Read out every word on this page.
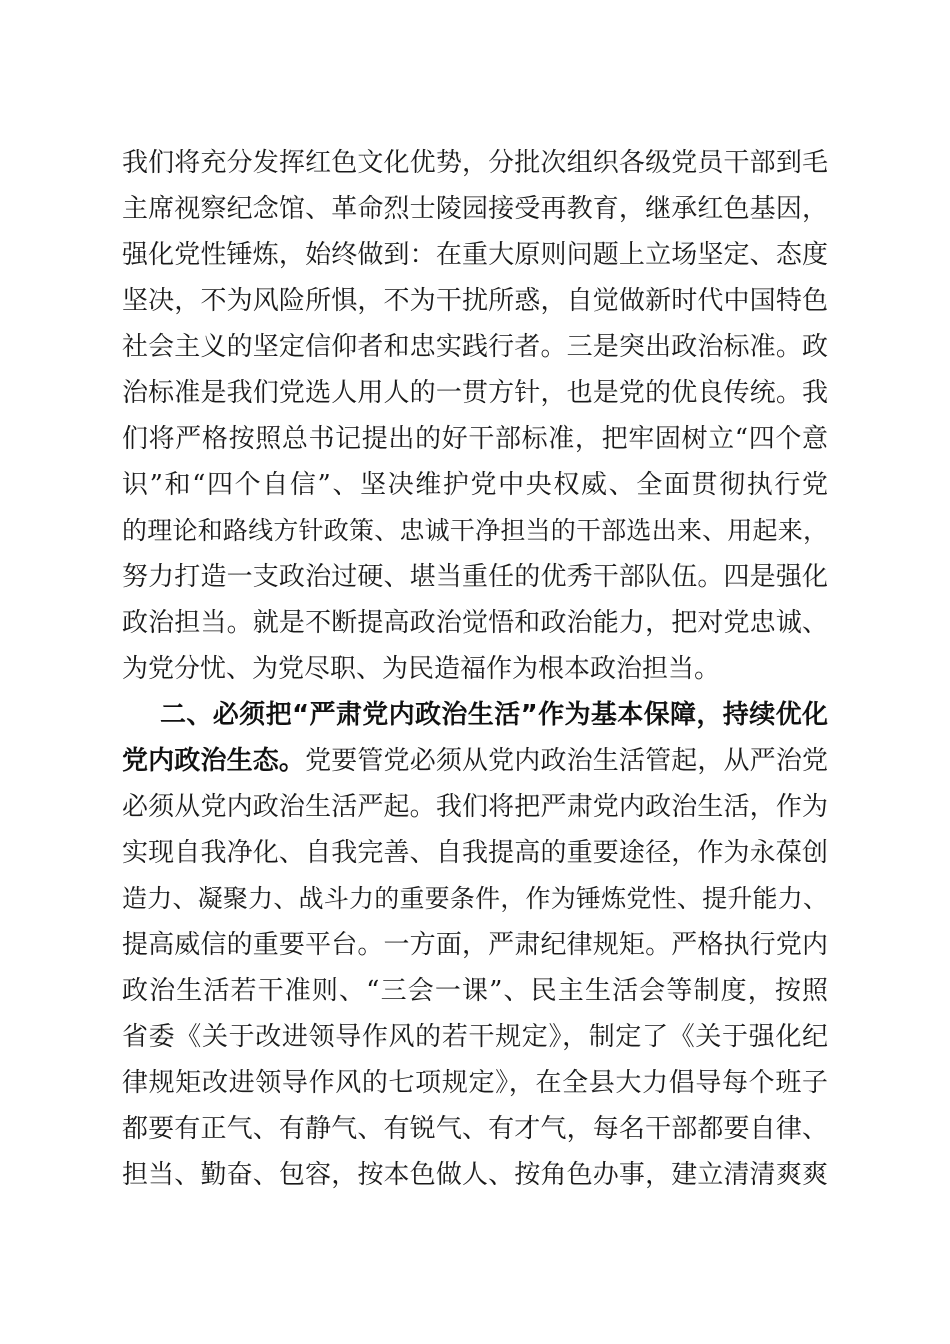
我们将充分发挥红色文化优势，分批次组织各级党员干部到毛
主席视察纪念馆、革命烈士陵园接受再教育，继承红色基因，
强化党性锤炼，始终做到：在重大原则问题上立场坚定、态度
坚决，不为风险所惧，不为干扰所惑，自觉做新时代中国特色
社会主义的坚定信仰者和忠实践行者。三是突出政治标准。政
治标准是我们党选人用人的一贯方针，也是党的优良传统。我
们将严格按照总书记提出的好干部标准，把牢固树立“四个意
识”和“四个自信”、坚决维护党中央权威、全面贯彻执行党
的理论和路线方针政策、忠诚干净担当的干部选出来、用起来，
努力打造一支政治过硬、堪当重任的优秀干部队伍。四是强化
政治担当。就是不断提高政治觉悟和政治能力，把对党忠诚、
为党分忧、为党尽职、为民造福作为根本政治担当。
二、必须把“严肃党内政治生活”作为基本保障，持续优化
党内政治生态。党要管党必须从党内政治生活管起，从严治党
必须从党内政治生活严起。我们将把严肃党内政治生活，作为
实现自我净化、自我完善、自我提高的重要途径，作为永葆创
造力、凝聚力、战斗力的重要条件，作为锤炼党性、提升能力、
提高威信的重要平台。一方面，严肃纪律规矩。严格执行党内
政治生活若干准则、“三会一课”、民主生活会等制度，按照
省委《关于改进领导作风的若干规定》，制定了《关于强化纪
律规矩改进领导作风的七项规定》，在全县大力倡导每个班子
都要有正气、有静气、有锐气、有才气，每名干部都要自律、
担当、勤奋、包容，按本色做人、按角色办事，建立清清爽爽
